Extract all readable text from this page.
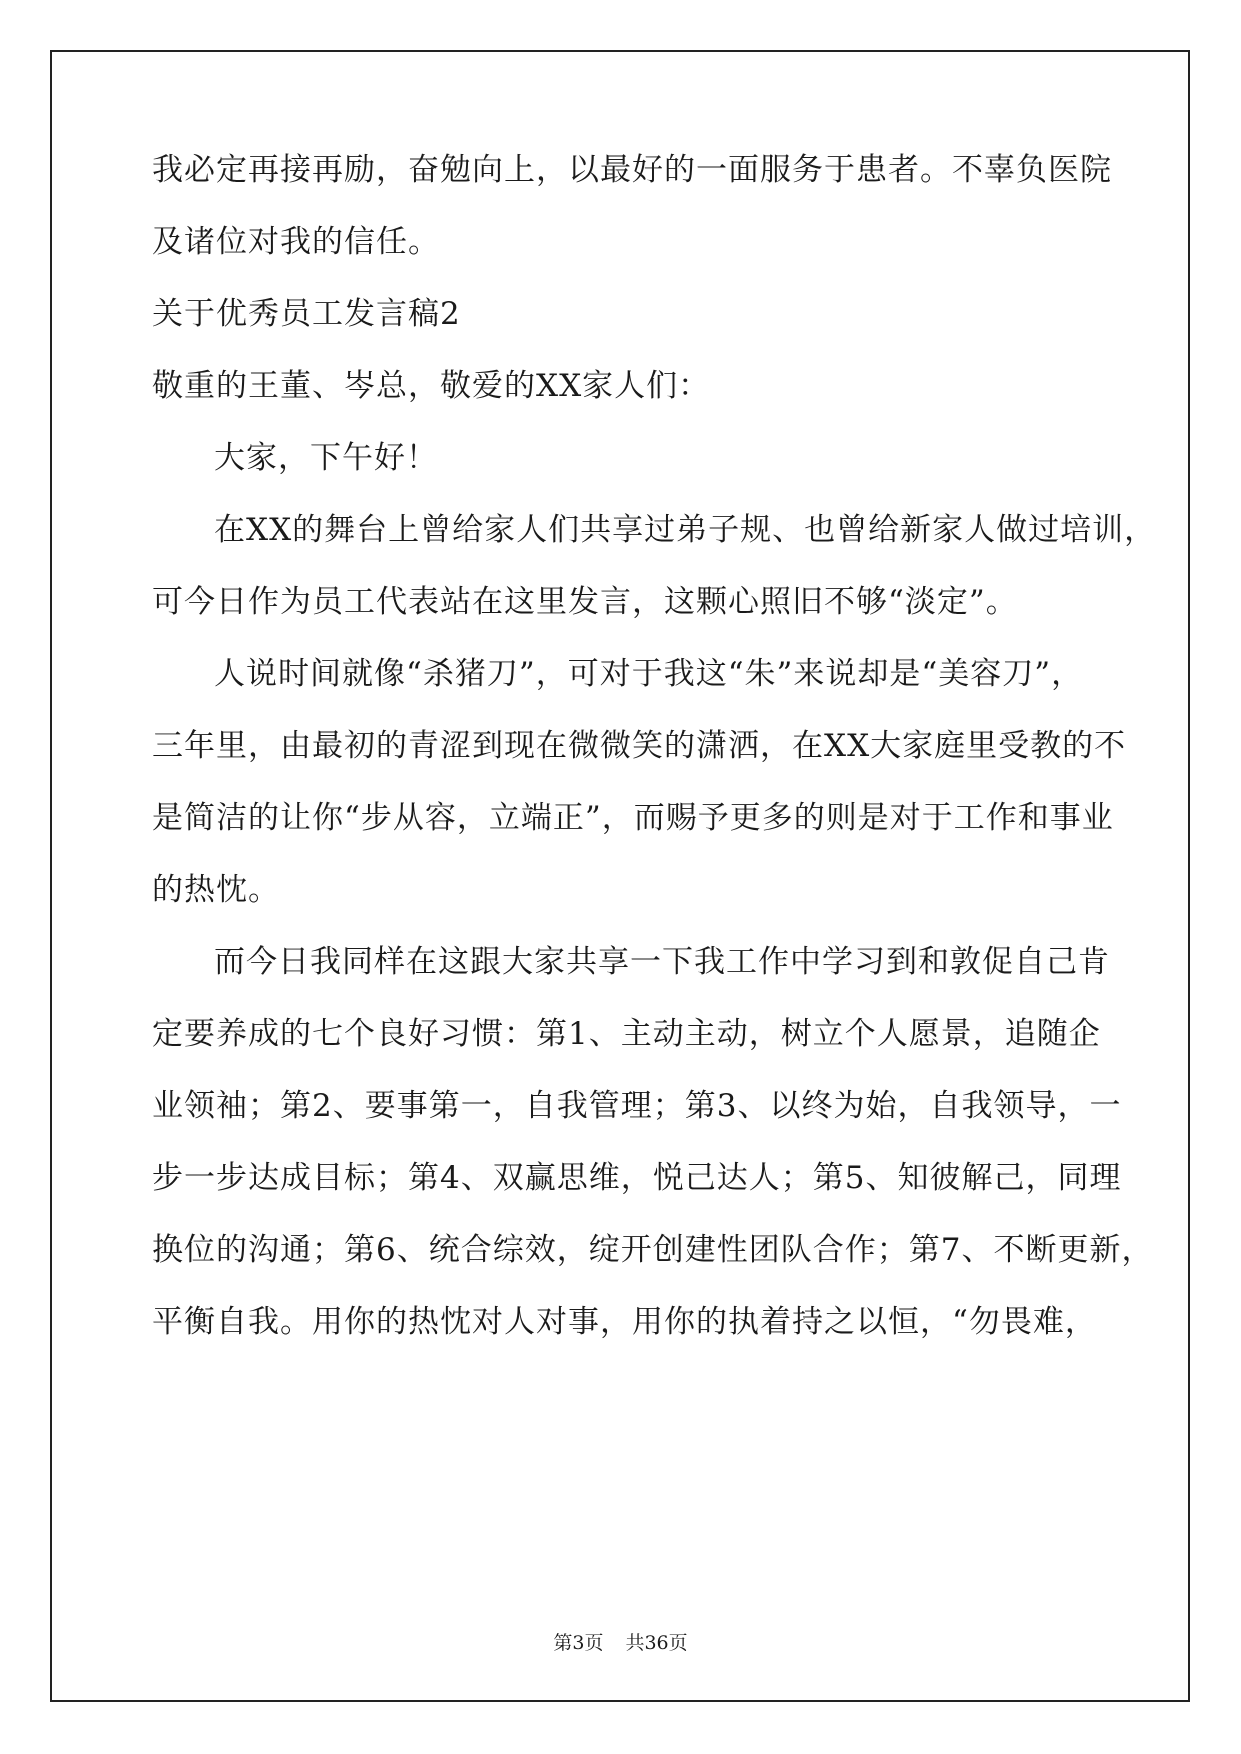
我必定再接再励，奋勉向上，以最好的一面服务于患者。不辜负医院

及诸位对我的信任。

关于优秀员工发言稿2

敬重的王董、岑总，敬爱的XX家人们：

大家，下午好！

在XX的舞台上曾给家人们共享过弟子规、也曾给新家人做过培训，

可今日作为员工代表站在这里发言，这颗心照旧不够“淡定”。

人说时间就像“杀猪刀”，可对于我这“朱”来说却是“美容刀”，

三年里，由最初的青涩到现在微微笑的潇洒，在XX大家庭里受教的不

是简洁的让你“步从容，立端正”，而赐予更多的则是对于工作和事业

的热忱。

而今日我同样在这跟大家共享一下我工作中学习到和敦促自己肯

定要养成的七个良好习惯：第1、主动主动，树立个人愿景，追随企

业领袖；第2、要事第一，自我管理；第3、以终为始，自我领导，一

步一步达成目标；第4、双赢思维，悦己达人；第5、知彼解己，同理

换位的沟通；第6、统合综效，绽开创建性团队合作；第7、不断更新，

平衡自我。用你的热忱对人对事，用你的执着持之以恒，“勿畏难，

第3页 共36页
